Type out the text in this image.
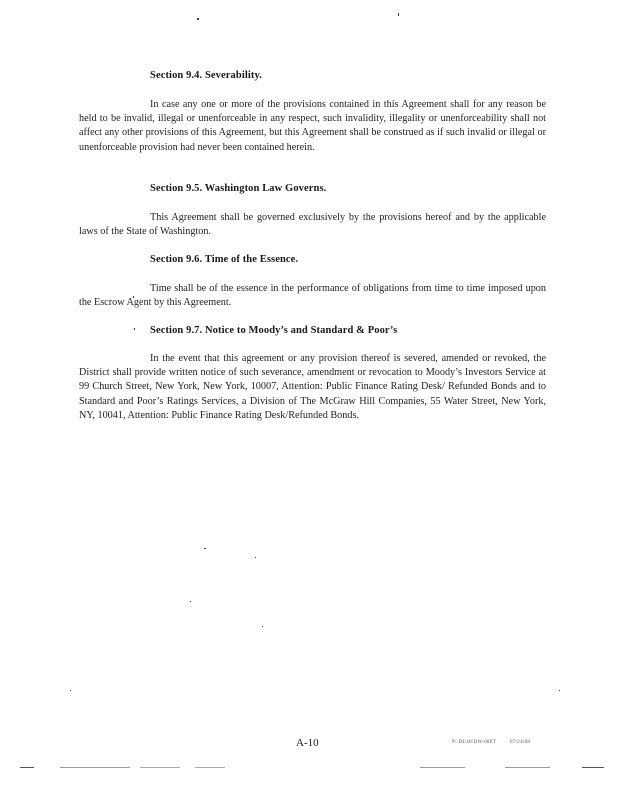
Section 9.4. Severability.
In case any one or more of the provisions contained in this Agreement shall for any reason be held to be invalid, illegal or unenforceable in any respect, such invalidity, illegality or unenforceability shall not affect any other provisions of this Agreement, but this Agreement shall be construed as if such invalid or illegal or unenforceable provision had never been contained herein.
Section 9.5. Washington Law Governs.
This Agreement shall be governed exclusively by the provisions hereof and by the applicable laws of the State of Washington.
Section 9.6. Time of the Essence.
Time shall be of the essence in the performance of obligations from time to time imposed upon the Escrow Agent by this Agreement.
Section 9.7. Notice to Moody’s and Standard & Poor’s
In the event that this agreement or any provision thereof is severed, amended or revoked, the District shall provide written notice of such severance, amendment or revocation to Moody’s Investors Service at 99 Church Street, New York, New York, 10007, Attention: Public Finance Rating Desk/ Refunded Bonds and to Standard and Poor’s Ratings Services, a Division of The McGraw Hill Companies, 55 Water Street, New York, NY, 10041, Attention: Public Finance Rating Desk/Refunded Bonds.
A-10	P:\DJ\40\DW\08FT	07/24/08
